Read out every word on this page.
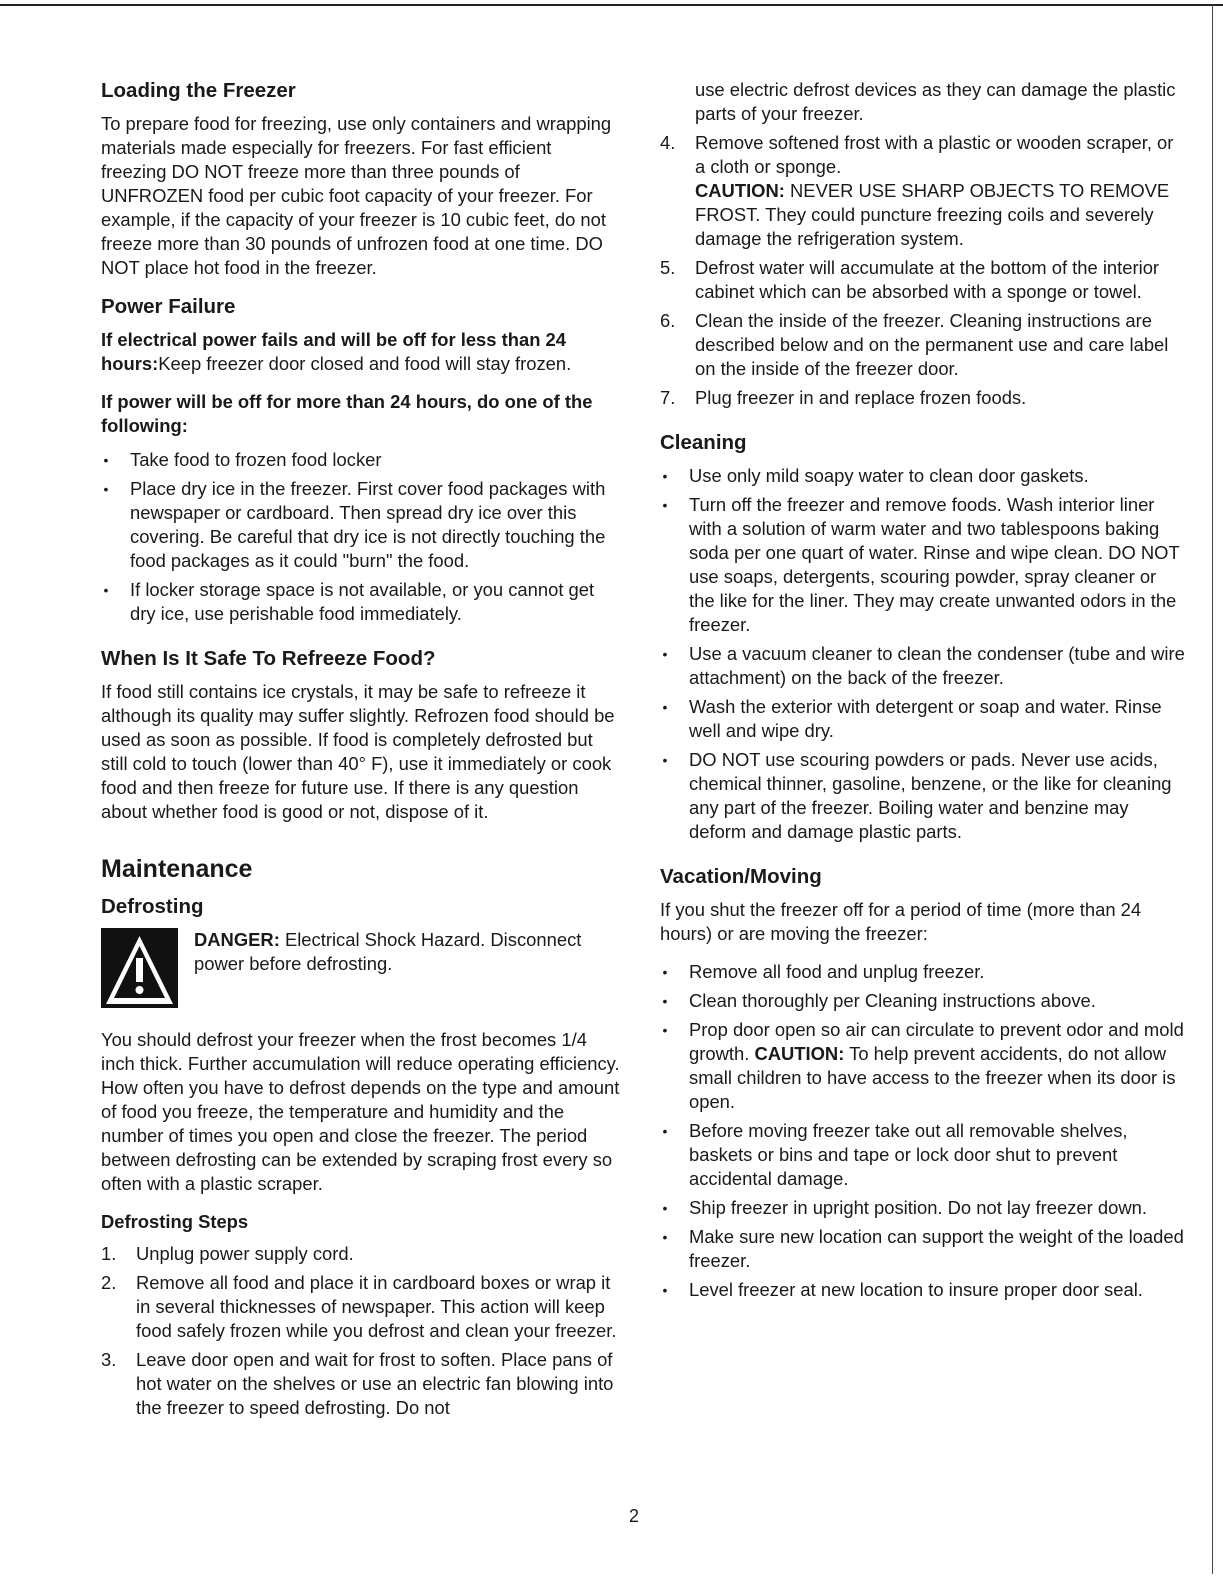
Loading the Freezer

To prepare food for freezing, use only containers and wrapping materials made especially for freezers. For fast efficient freezing DO NOT freeze more than three pounds of UNFROZEN food per cubic foot capacity of your freezer. For example, if the capacity of your freezer is 10 cubic feet, do not freeze more than 30 pounds of unfrozen food at one time. DO NOT place hot food in the freezer.

Power Failure

If electrical power fails and will be off for less than 24 hours:Keep freezer door closed and food will stay frozen.

If power will be off for more than 24 hours, do one of the following:

• Take food to frozen food locker
• Place dry ice in the freezer. First cover food packages with newspaper or cardboard. Then spread dry ice over this covering. Be careful that dry ice is not directly touching the food packages as it could "burn" the food.
• If locker storage space is not available, or you cannot get dry ice, use perishable food immediately.
When Is It Safe To Refreeze Food?

If food still contains ice crystals, it may be safe to refreeze it although its quality may suffer slightly. Refrozen food should be used as soon as possible. If food is completely defrosted but still cold to touch (lower than 40° F), use it immediately or cook food and then freeze for future use. If there is any question about whether food is good or not, dispose of it.

Maintenance
Defrosting
DANGER: Electrical Shock Hazard. Disconnect power before defrosting.

You should defrost your freezer when the frost becomes 1/4 inch thick. Further accumulation will reduce operating efficiency. How often you have to defrost depends on the type and amount of food you freeze, the temperature and humidity and the number of times you open and close the freezer. The period between defrosting can be extended by scraping frost every so often with a plastic scraper.

Defrosting Steps
1. Unplug power supply cord.
2. Remove all food and place it in cardboard boxes or wrap it in several thicknesses of newspaper. This action will keep food safely frozen while you defrost and clean your freezer.
3. Leave door open and wait for frost to soften. Place pans of hot water on the shelves or use an electric fan blowing into the freezer to speed defrosting. Do not
use electric defrost devices as they can damage the plastic parts of your freezer.
4. Remove softened frost with a plastic or wooden scraper, or a cloth or sponge.
CAUTION: NEVER USE SHARP OBJECTS TO REMOVE FROST. They could puncture freezing coils and severely damage the refrigeration system.
5. Defrost water will accumulate at the bottom of the interior cabinet which can be absorbed with a sponge or towel.
6. Clean the inside of the freezer. Cleaning instructions are described below and on the permanent use and care label on the inside of the freezer door.
7. Plug freezer in and replace frozen foods.
Cleaning
• Use only mild soapy water to clean door gaskets.
• Turn off the freezer and remove foods. Wash interior liner with a solution of warm water and two tablespoons baking soda per one quart of water. Rinse and wipe clean. DO NOT use soaps, detergents, scouring powder, spray cleaner or the like for the liner. They may create unwanted odors in the freezer.
• Use a vacuum cleaner to clean the condenser (tube and wire attachment) on the back of the freezer.
• Wash the exterior with detergent or soap and water. Rinse well and wipe dry.
• DO NOT use scouring powders or pads. Never use acids, chemical thinner, gasoline, benzene, or the like for cleaning any part of the freezer. Boiling water and benzine may deform and damage plastic parts.
Vacation/Moving

If you shut the freezer off for a period of time (more than 24 hours) or are moving the freezer:

• Remove all food and unplug freezer.
• Clean thoroughly per Cleaning instructions above.
• Prop door open so air can circulate to prevent odor and mold growth. CAUTION: To help prevent accidents, do not allow small children to have access to the freezer when its door is open.
• Before moving freezer take out all removable shelves, baskets or bins and tape or lock door shut to prevent accidental damage.
• Ship freezer in upright position. Do not lay freezer down.
• Make sure new location can support the weight of the loaded freezer.
• Level freezer at new location to insure proper door seal.
2
